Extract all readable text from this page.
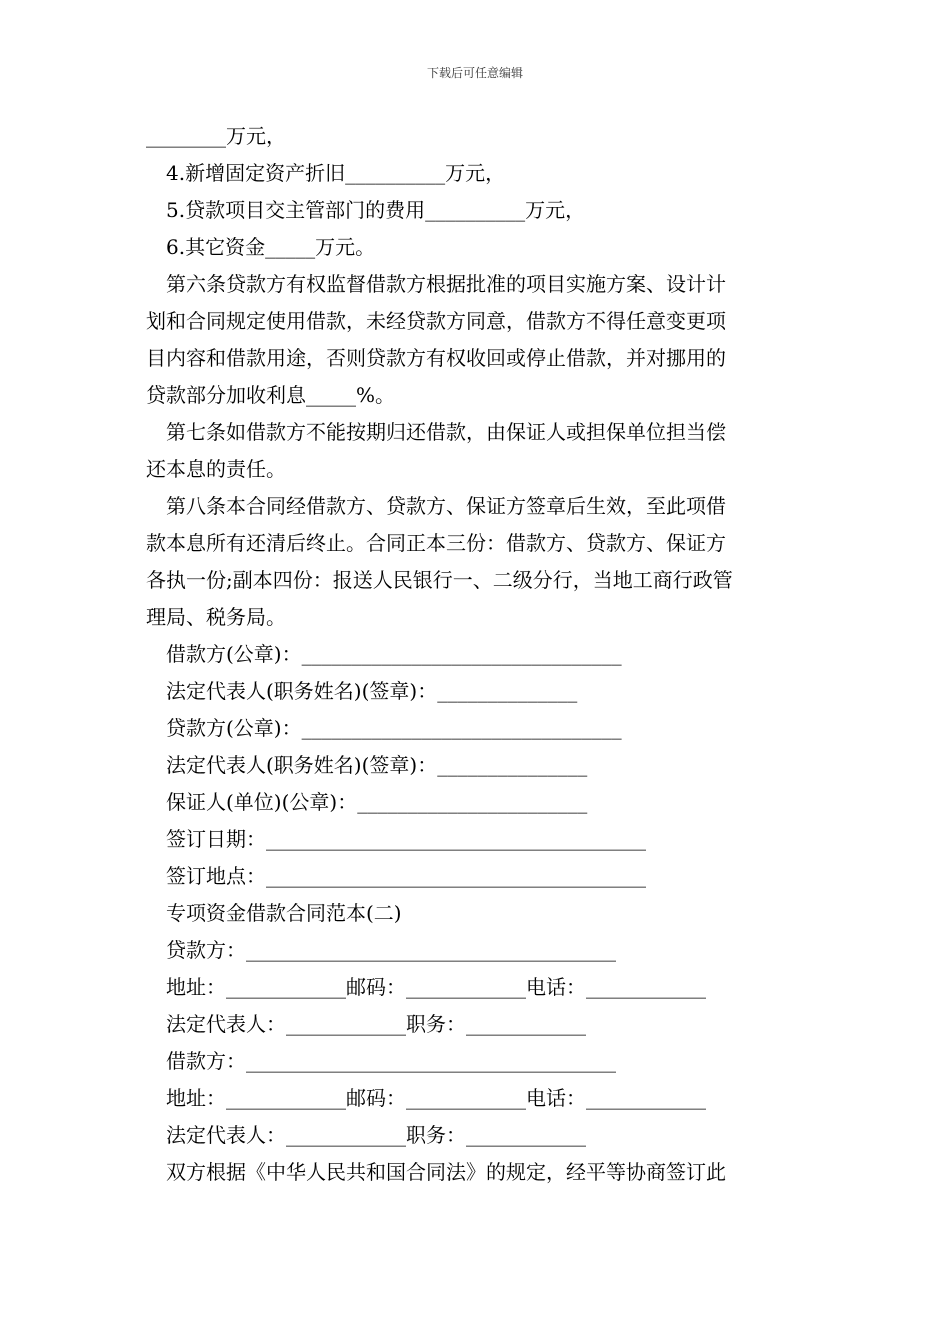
下载后可任意编辑
________万元，
4.新增固定资产折旧__________万元，
5.贷款项目交主管部门的费用__________万元，
6.其它资金_____万元。
第六条贷款方有权监督借款方根据批准的项目实施方案、设计计
划和合同规定使用借款，未经贷款方同意，借款方不得任意变更项
目内容和借款用途，否则贷款方有权收回或停止借款，并对挪用的
贷款部分加收利息_____%。
第七条如借款方不能按期归还借款，由保证人或担保单位担当偿
还本息的责任。
第八条本合同经借款方、贷款方、保证方签章后生效，至此项借
款本息所有还清后终止。合同正本三份：借款方、贷款方、保证方
各执一份;副本四份：报送人民银行一、二级分行，当地工商行政管
理局、税务局。
借款方(公章)：________________________________
法定代表人(职务姓名)(签章)：______________
贷款方(公章)：________________________________
法定代表人(职务姓名)(签章)：_______________
保证人(单位)(公章)：_______________________
签订日期：______________________________________
签订地点：______________________________________
专项资金借款合同范本(二)
贷款方：_____________________________________
地址：____________邮码：____________电话：____________
法定代表人：____________职务：____________
借款方：_____________________________________
地址：____________邮码：____________电话：____________
法定代表人：____________职务：____________
双方根据《中华人民共和国合同法》的规定，经平等协商签订此
